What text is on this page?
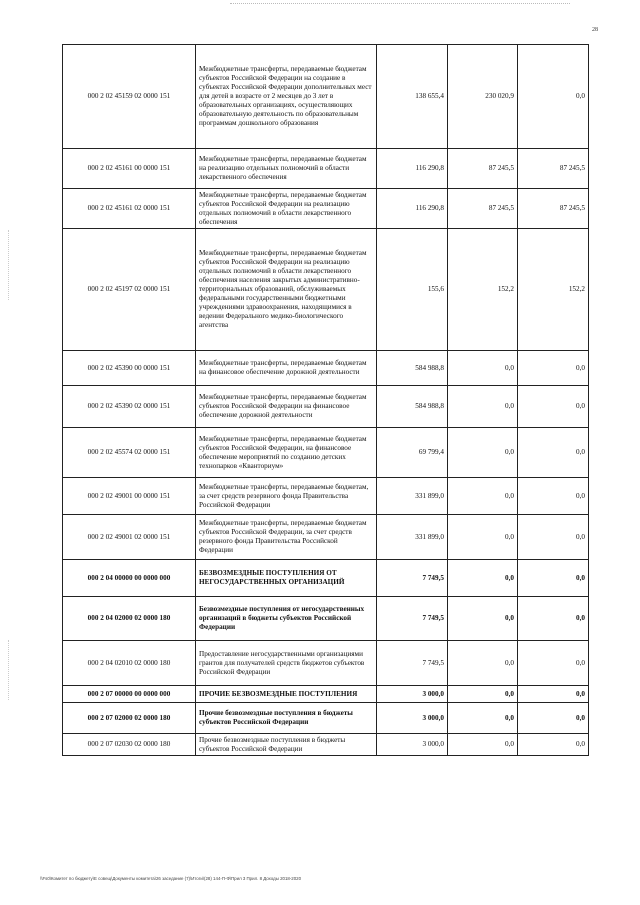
28
000 2 02 45159 02 0000 151	Межбюджетные трансферты, передаваемые бюджетам субъектов Российской Федерации на создание в субъектах Российской Федерации дополнительных мест для детей в возрасте от 2 месяцев до 3 лет в образовательных организациях, осуществляющих образовательную деятельность по образовательным программам дошкольного образования	138 655,4	230 020,9	0,0
000 2 02 45161 00 0000 151	Межбюджетные трансферты, передаваемые бюджетам на реализацию отдельных полномочий в области лекарственного обеспечения	116 290,8	87 245,5	87 245,5
000 2 02 45161 02 0000 151	Межбюджетные трансферты, передаваемые бюджетам субъектов Российской Федерации на реализацию отдельных полномочий в области лекарственного обеспечения	116 290,8	87 245,5	87 245,5
000 2 02 45197 02 0000 151	Межбюджетные трансферты, передаваемые бюджетам субъектов Российской Федерации на реализацию отдельных полномочий в области лекарственного обеспечения населения закрытых административно-территориальных образований, обслуживаемых федеральными государственными бюджетными учреждениями здравоохранения, находящимися в ведении Федерального медико-биологического агентства	155,6	152,2	152,2
000 2 02 45390 00 0000 151	Межбюджетные трансферты, передаваемые бюджетам на финансовое обеспечение дорожной деятельности	584 988,8	0,0	0,0
000 2 02 45390 02 0000 151	Межбюджетные трансферты, передаваемые бюджетам субъектов Российской Федерации на финансовое обеспечение дорожной деятельности	584 988,8	0,0	0,0
000 2 02 45574 02 0000 151	Межбюджетные трансферты, передаваемые бюджетам субъектов Российской Федерации, на финансовое обеспечение мероприятий по созданию детских технопарков «Кванториум»	69 799,4	0,0	0,0
000 2 02 49001 00 0000 151	Межбюджетные трансферты, передаваемые бюджетам, за счет средств резервного фонда Правительства Российской Федерации	331 899,0	0,0	0,0
000 2 02 49001 02 0000 151	Межбюджетные трансферты, передаваемые бюджетам субъектов Российской Федерации, за счет средств резервного фонда Правительства Российской Федерации	331 899,0	0,0	0,0
000 2 04 00000 00 0000 000	БЕЗВОЗМЕЗДНЫЕ ПОСТУПЛЕНИЯ ОТ НЕГОСУДАРСТВЕННЫХ ОРГАНИЗАЦИЙ	7 749,5	0,0	0,0
000 2 04 02000 02 0000 180	Безвозмездные поступления от негосударственных организаций в бюджеты субъектов Российской Федерации	7 749,5	0,0	0,0
000 2 04 02010 02 0000 180	Предоставление негосударственными организациями грантов для получателей средств бюджетов субъектов Российской Федерации	7 749,5	0,0	0,0
000 2 07 00000 00 0000 000	ПРОЧИЕ БЕЗВОЗМЕЗДНЫЕ ПОСТУПЛЕНИЯ	3 000,0	0,0	0,0
000 2 07 02000 02 0000 180	Прочие безвозмездные поступления в бюджеты субъектов Российской Федерации	3 000,0	0,0	0,0
000 2 07 02030 02 0000 180	Прочие безвозмездные поступления в бюджеты субъектов Российской Федерации	3 000,0	0,0	0,0
\\Fs0\Комитет по бюджету\Е совещ\Документы комитета\26 заседание (7)\Итоги\(28) 144-П-Ф\Прил 3 Прил. 8 Доходы 2018-2020
